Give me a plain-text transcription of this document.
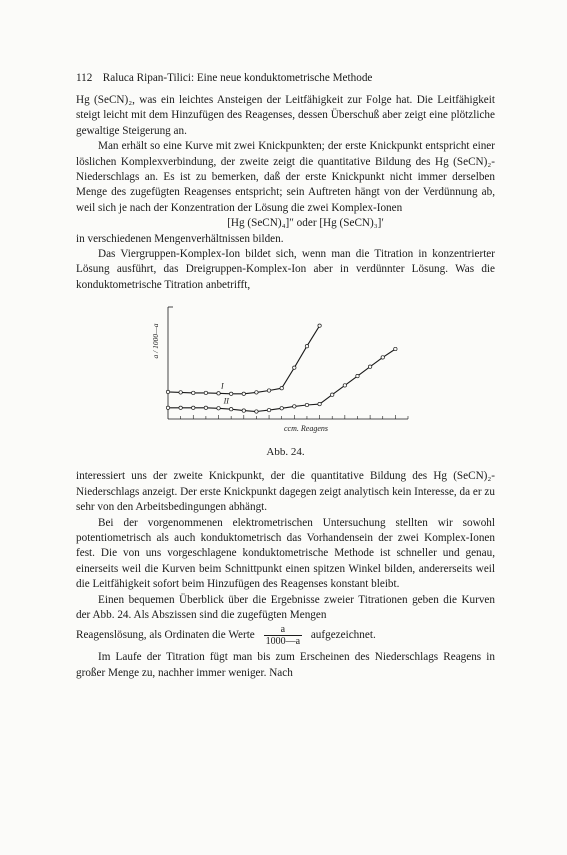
112 Raluca Ripan-Tilici: Eine neue konduktometrische Methode

Hg (SeCN)₂, was ein leichtes Ansteigen der Leitfähigkeit zur Folge hat. Die Leitfähigkeit steigt leicht mit dem Hinzufügen des Reagenses, dessen Überschuß aber zeigt eine plötzliche gewaltige Steigerung an.

Man erhält so eine Kurve mit zwei Knickpunkten; der erste Knickpunkt entspricht einer löslichen Komplexverbindung, der zweite zeigt die quantitative Bildung des Hg (SeCN)₂-Niederschlags an. Es ist zu bemerken, daß der erste Knickpunkt nicht immer derselben Menge des zugefügten Reagenses entspricht; sein Auftreten hängt von der Verdünnung ab, weil sich je nach der Konzentration der Lösung die zwei Komplex-Ionen

[Hg (SeCN)₄]″ oder [Hg (SeCN)₃]′

in verschiedenen Mengenverhältnissen bilden.

Das Viergruppen-Komplex-Ion bildet sich, wenn man die Titration in konzentrierter Lösung ausführt, das Dreigruppen-Komplex-Ion aber in verdünnter Lösung. Was die konduktometrische Titration anbetrifft,

a / 1000—a
ccm. Reagens
I
II
Abb. 24.

interessiert uns der zweite Knickpunkt, der die quantitative Bildung des Hg (SeCN)₂-Niederschlags anzeigt. Der erste Knickpunkt dagegen zeigt analytisch kein Interesse, da er zu sehr von den Arbeitsbedingungen abhängt.

Bei der vorgenommenen elektrometrischen Untersuchung stellten wir sowohl potentiometrisch als auch konduktometrisch das Vorhandensein der zwei Komplex-Ionen fest. Die von uns vorgeschlagene konduktometrische Methode ist schneller und genau, einerseits weil die Kurven beim Schnittpunkt einen spitzen Winkel bilden, andererseits weil die Leitfähigkeit sofort beim Hinzufügen des Reagenses konstant bleibt.

Einen bequemen Überblick über die Ergebnisse zweier Titrationen geben die Kurven der Abb. 24. Als Abszissen sind die zugefügten Mengen

Reagenslösung, als Ordinaten die Werte $\frac{a}{1000—a}$ aufgezeichnet.

Im Laufe der Titration fügt man bis zum Erscheinen des Niederschlags Reagens in großer Menge zu, nachher immer weniger. Nach
